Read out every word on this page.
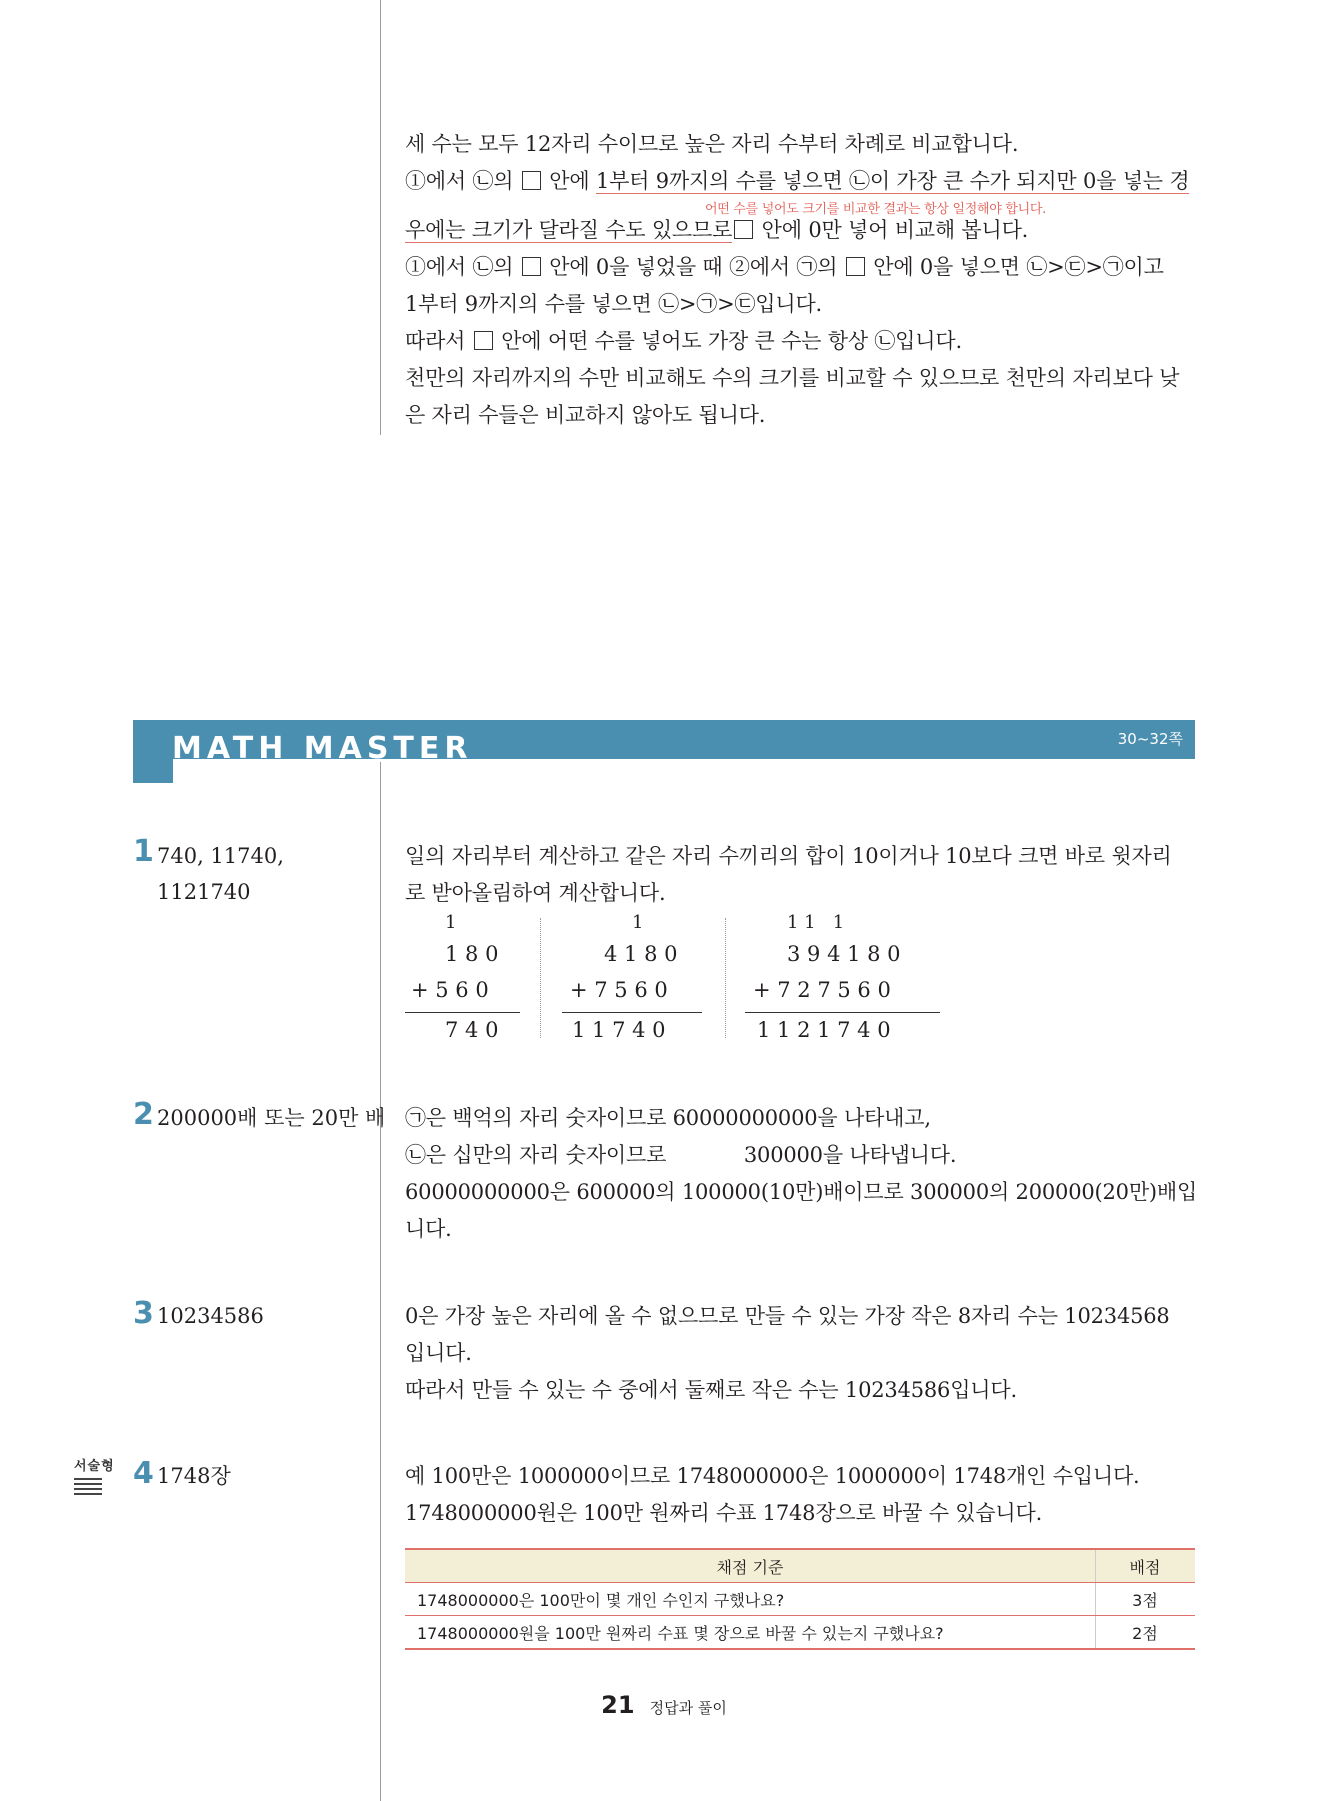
세 수는 모두 12자리 수이므로 높은 자리 수부터 차례로 비교합니다.
①에서 ㉡의  안에 1부터 9까지의 수를 넣으면 ㉡이 가장 큰 수가 되지만 0을 넣는 경
우에는 크기가 달라질 수도 있으므로 안에 0만 넣어 비교해 봅니다.
①에서 ㉡의  안에 0을 넣었을 때 ②에서 ㉠의  안에 0을 넣으면 ㉡>㉢>㉠이고
1부터 9까지의 수를 넣으면 ㉡>㉠>㉢입니다.
따라서  안에 어떤 수를 넣어도 가장 큰 수는 항상 ㉡입니다.
천만의 자리까지의 수만 비교해도 수의 크기를 비교할 수 있으므로 천만의 자리보다 낮
은 자리 수들은 비교하지 않아도 됩니다.
어떤 수를 넣어도 크기를 비교한 결과는 항상 일정해야 합니다.
MATH MASTER	30~32쪽
1 740, 11740,
1121740
일의 자리부터 계산하고 같은 자리 수끼리의 합이 10이거나 10보다 크면 바로 윗자리
로 받아올림하여 계산합니다.
1
1 8 0
+ 5 6 0
7 4 0
1
4 1 8 0
+ 7 5 6 0
1 1 7 4 0
1 1   1
3 9 4 1 8 0
+ 7 2 7 5 6 0
1 1 2 1 7 4 0
2 200000배 또는 20만 배 ㉠은 백억의 자리 숫자이므로 60000000000을 나타내고,
㉡은 십만의 자리 숫자이므로            300000을 나타냅니다.
60000000000은 600000의 100000(10만)배이므로 300000의 200000(20만)배입
니다.
3 10234586	0은 가장 높은 자리에 올 수 없으므로 만들 수 있는 가장 작은 8자리 수는 10234568
입니다.
따라서 만들 수 있는 수 중에서 둘째로 작은 수는 10234586입니다.
서술형 4 1748장	예 100만은 1000000이므로 1748000000은 1000000이 1748개인 수입니다.
1748000000원은 100만 원짜리 수표 1748장으로 바꿀 수 있습니다.
채점 기준	배점
1748000000은 100만이 몇 개인 수인지 구했나요?	3점
1748000000원을 100만 원짜리 수표 몇 장으로 바꿀 수 있는지 구했나요?	2점
21 정답과 풀이
